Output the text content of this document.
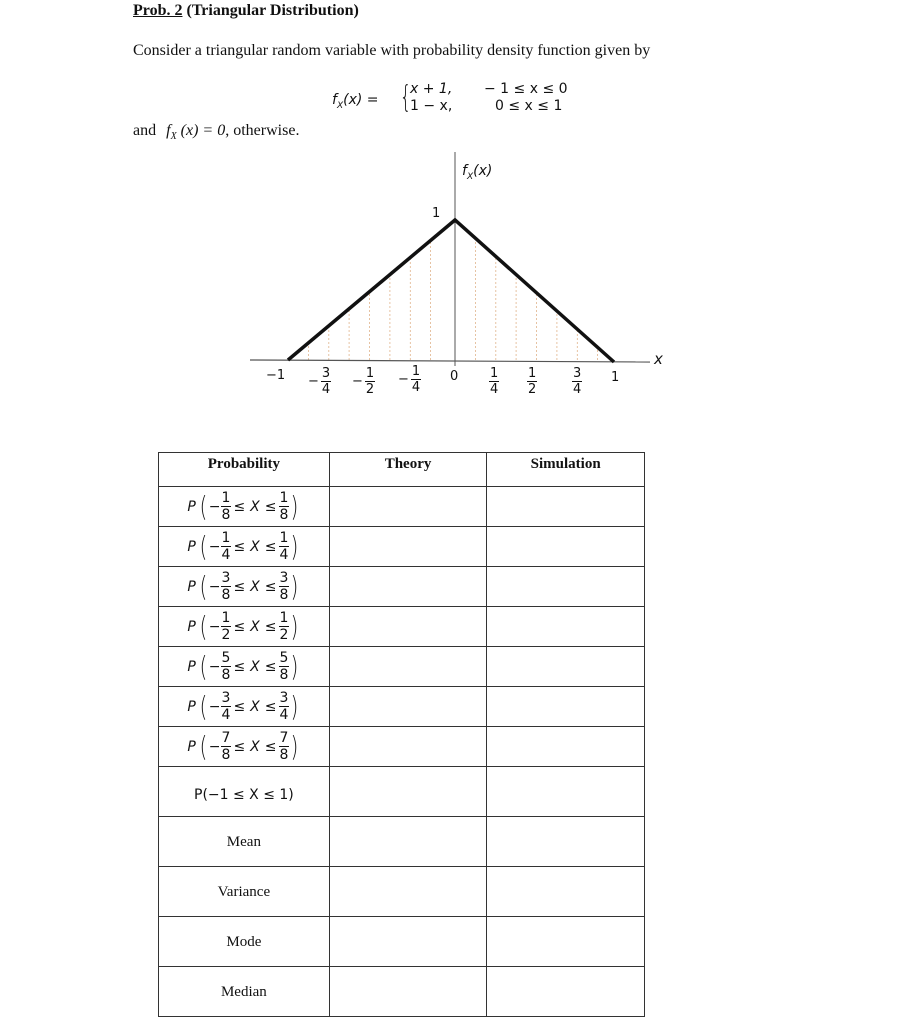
Prob. 2 (Triangular Distribution)
Consider a triangular random variable with probability density function given by
$f_X(x)$ = {
x + 1, − 1 ≤ x ≤ 0
1 − x,	0 ≤ x ≤ 1
and $f_X$ (x) = 0, otherwise.
$f_X(x)$
1
x
$-1 - \frac{3}{4} - \frac{1}{2} - \frac{1}{4} 0 \frac{1}{4} \frac{1}{2}$	$\frac{3}{4} 1$
Probability	Theory	Simulation

P ( − $\frac{1}{8} \le X \le \frac{1}{8}$ )

P ( − $\frac{1}{4} \le X \le \frac{1}{4}$ )

P ( − $\frac{3}{8} \le X \le \frac{3}{8}$ )

P ( − $\frac{1}{2} \le X \le \frac{1}{2}$ )

P ( − $\frac{5}{8} \le X \le \frac{5}{8}$ )

P ( − $\frac{3}{4} \le X \le \frac{3}{4}$ )

P ( − $\frac{7}{8} \le X \le \frac{7}{8}$ )

P(−1 ≤ X ≤ 1)		

Mean		

Variance		

Mode		

Median		
